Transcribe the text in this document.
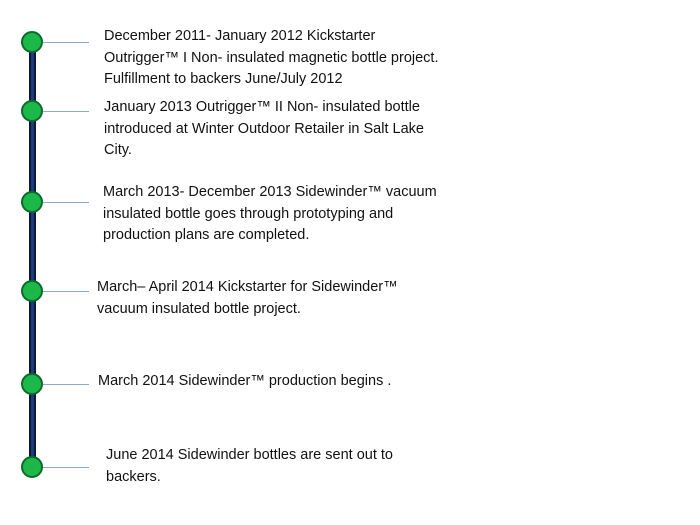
December 2011- January 2012 Kickstarter
Outrigger™ I Non- insulated magnetic bottle project.
Fulfillment to backers June/July 2012

January 2013 Outrigger™ II Non- insulated bottle
introduced at Winter Outdoor Retailer in Salt Lake
City.

March 2013- December 2013 Sidewinder™ vacuum
insulated bottle goes through prototyping and
production plans are completed.

March– April 2014 Kickstarter for Sidewinder™
vacuum insulated bottle project.

March 2014 Sidewinder™ production begins .

June 2014 Sidewinder bottles are sent out to
backers.
